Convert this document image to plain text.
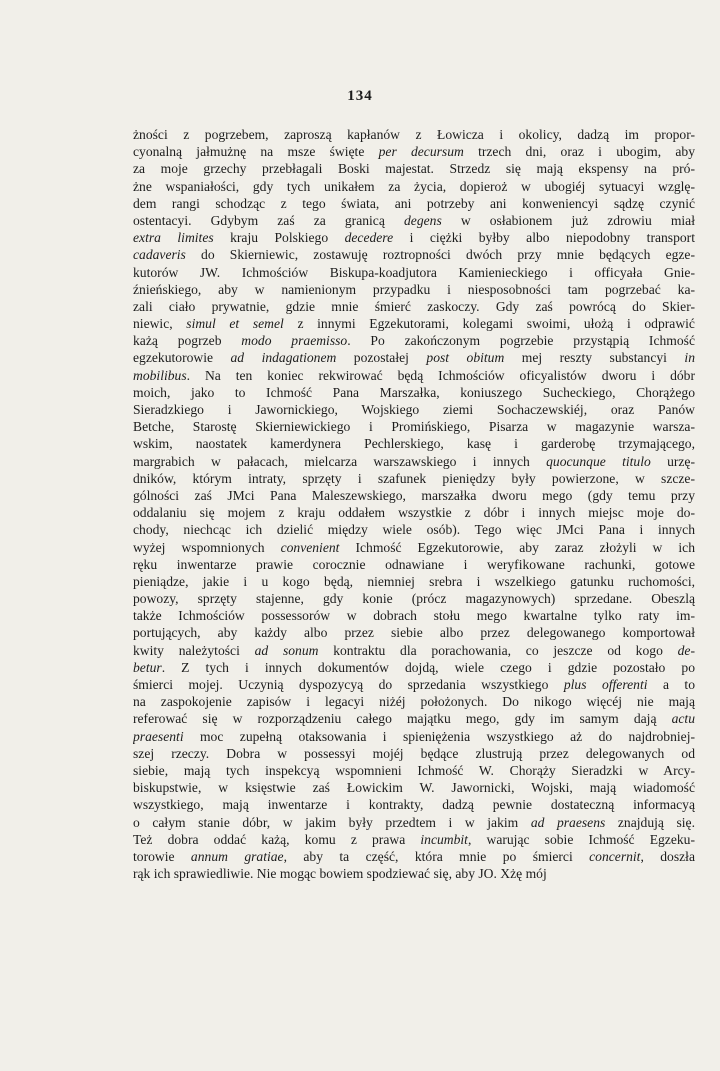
134
żności z pogrzebem, zaproszą kapłanów z Łowicza i okolicy, dadzą im propor-
cyonalną jałmużnę na msze święte per decursum trzech dni, oraz i ubogim, aby
za moje grzechy przebłagali Boski majestat. Strzedz się mają ekspensy na pró-
żne wspaniałości, gdy tych unikałem za życia, dopieroż w ubogiéj sytuacyi wzglę-
dem rangi schodząc z tego świata, ani potrzeby ani konweniencyi sądzę czynić
ostentacyi. Gdybym zaś za granicą degens w osłabionem już zdrowiu miał
extra limites kraju Polskiego decedere i ciężki byłby albo niepodobny transport
cadaveris do Skierniewic, zostawuję roztropności dwóch przy mnie będących egze-
kutorów JW. Ichmościów Biskupa-koadjutora Kamienieckiego i officyała Gnie-
źnieńskiego, aby w namienionym przypadku i niesposobności tam pogrzebać ka-
zali ciało prywatnie, gdzie mnie śmierć zaskoczy. Gdy zaś powrócą do Skier-
niewic, simul et semel z innymi Egzekutorami, kolegami swoimi, ułożą i odprawić
każą pogrzeb modo praemisso. Po zakończonym pogrzebie przystąpią Ichmość
egzekutorowie ad indagationem pozostałej post obitum mej reszty substancyi in
mobilibus. Na ten koniec rekwirować będą Ichmościów oficyalistów dworu i dóbr
moich, jako to Ichmość Pana Marszałka, koniuszego Sucheckiego, Chorążego
Sieradzkiego i Jawornickiego, Wojskiego ziemi Sochaczewskiéj, oraz Panów
Betche, Starostę Skierniewickiego i Promińskiego, Pisarza w magazynie warsza-
wskim, naostatek kamerdynera Pechlerskiego, kasę i garderobę trzymającego,
margrabich w pałacach, mielcarza warszawskiego i innych quocunque titulo urzę-
dników, którym intraty, sprzęty i szafunek pieniędzy były powierzone, w szcze-
gólności zaś JMci Pana Maleszewskiego, marszałka dworu mego (gdy temu przy
oddalaniu się mojem z kraju oddałem wszystkie z dóbr i innych miejsc moje do-
chody, niechcąc ich dzielić między wiele osób). Tego więc JMci Pana i innych
wyżej wspomnionych convenient Ichmość Egzekutorowie, aby zaraz złożyli w ich
ręku inwentarze prawie corocznie odnawiane i weryfikowane rachunki, gotowe
pieniądze, jakie i u kogo będą, niemniej srebra i wszelkiego gatunku ruchomości,
powozy, sprzęty stajenne, gdy konie (prócz magazynowych) sprzedane. Obeszlą
także Ichmościów possessorów w dobrach stołu mego kwartalne tylko raty im-
portujących, aby każdy albo przez siebie albo przez delegowanego komportował
kwity należytości ad sonum kontraktu dla porachowania, co jeszcze od kogo de-
betur. Z tych i innych dokumentów dojdą, wiele czego i gdzie pozostało po
śmierci mojej. Uczynią dyspozycyą do sprzedania wszystkiego plus offerenti a to
na zaspokojenie zapisów i legacyi niżéj położonych. Do nikogo więcéj nie mają
referować się w rozporządzeniu całego majątku mego, gdy im samym dają actu
praesenti moc zupełną otaksowania i spieniężenia wszystkiego aż do najdrobniej-
szej rzeczy. Dobra w possessyi mojéj będące zlustrują przez delegowanych od
siebie, mają tych inspekcyą wspomnieni Ichmość W. Chorąży Sieradzki w Arcy-
biskupstwie, w księstwie zaś Łowickim W. Jawornicki, Wojski, mają wiadomość
wszystkiego, mają inwentarze i kontrakty, dadzą pewnie dostateczną informacyą
o całym stanie dóbr, w jakim były przedtem i w jakim ad praesens znajdują się.
Też dobra oddać każą, komu z prawa incumbit, warując sobie Ichmość Egzeku-
torowie annum gratiae, aby ta część, która mnie po śmierci concernit, doszła
rąk ich sprawiedliwie. Nie mogąc bowiem spodziewać się, aby JO. Xżę mój
